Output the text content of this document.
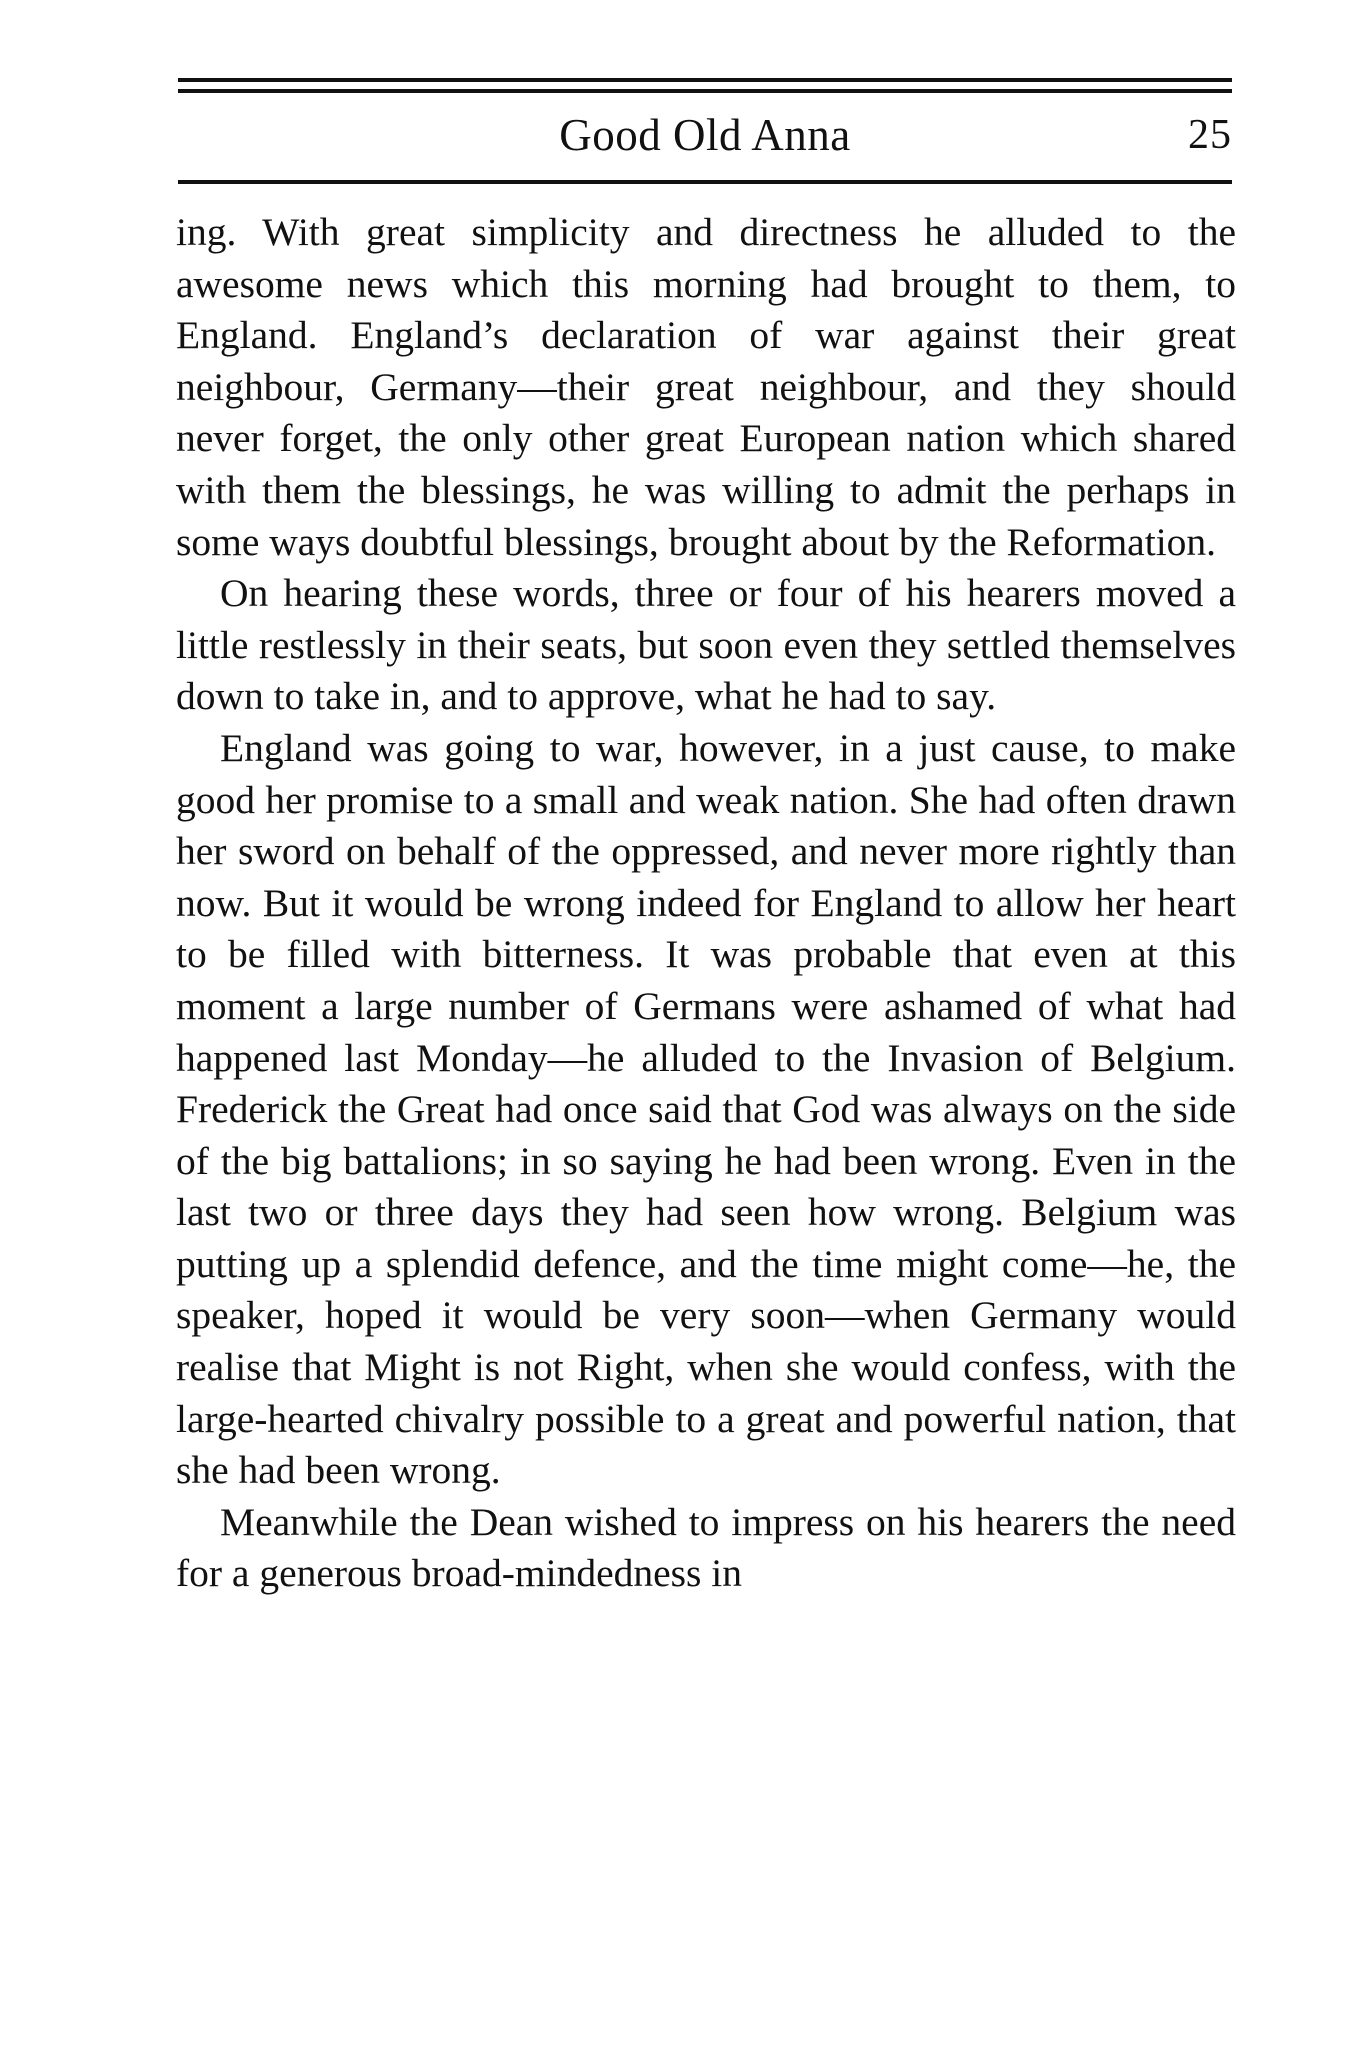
Good Old Anna	25

ing. With great simplicity and directness he alluded to the awesome news which this morning had brought to them, to England. England’s declaration of war against their great neighbour, Germany—their great neighbour, and they should never forget, the only other great European nation which shared with them the blessings, he was willing to admit the perhaps in some ways doubtful blessings, brought about by the Reformation.

On hearing these words, three or four of his hearers moved a little restlessly in their seats, but soon even they settled themselves down to take in, and to approve, what he had to say.

England was going to war, however, in a just cause, to make good her promise to a small and weak nation. She had often drawn her sword on behalf of the oppressed, and never more rightly than now. But it would be wrong indeed for England to allow her heart to be filled with bitterness. It was probable that even at this moment a large number of Germans were ashamed of what had happened last Monday—he alluded to the Invasion of Belgium. Frederick the Great had once said that God was always on the side of the big battalions; in so saying he had been wrong. Even in the last two or three days they had seen how wrong. Belgium was putting up a splendid defence, and the time might come—he, the speaker, hoped it would be very soon—when Germany would realise that Might is not Right, when she would confess, with the large-hearted chivalry possible to a great and powerful nation, that she had been wrong.

Meanwhile the Dean wished to impress on his hearers the need for a generous broad-mindedness in
